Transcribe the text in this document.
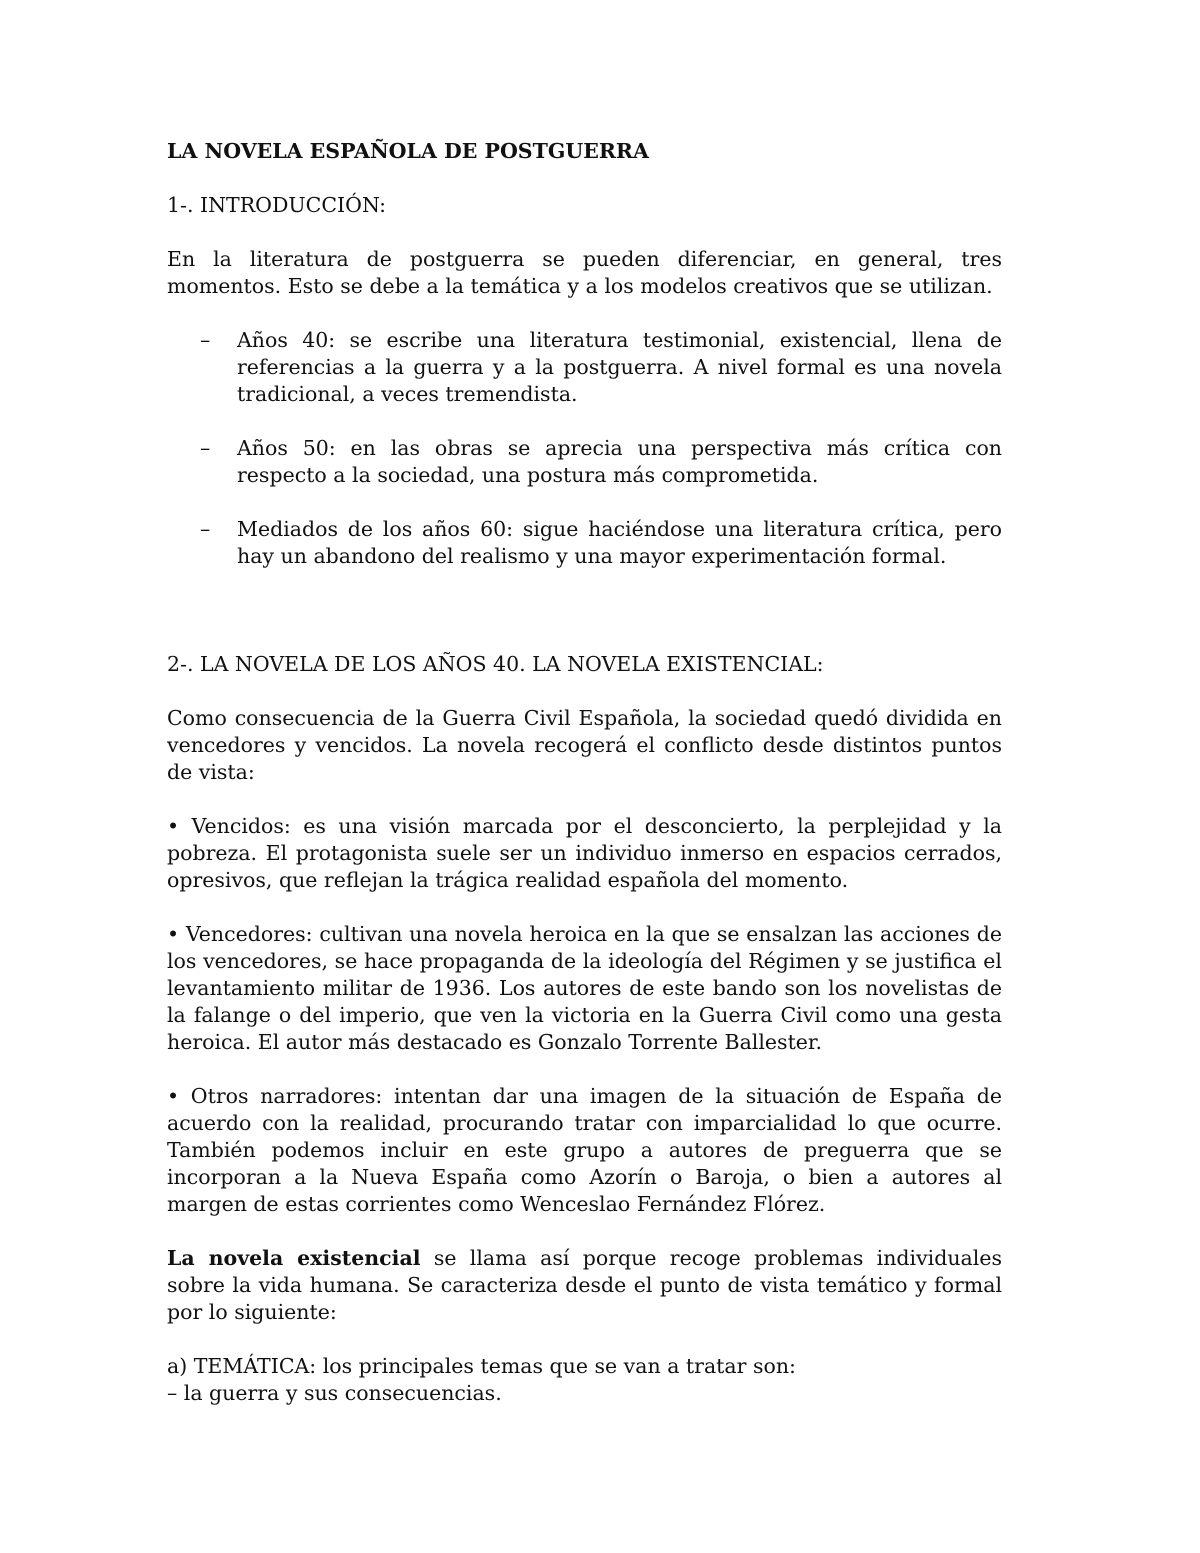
LA NOVELA ESPAÑOLA DE POSTGUERRA
1-. INTRODUCCIÓN:

En la literatura de postguerra se pueden diferenciar, en general, tres momentos. Esto se debe a la temática y a los modelos creativos que se utilizan.

– Años 40: se escribe una literatura testimonial, existencial, llena de referencias a la guerra y a la postguerra. A nivel formal es una novela tradicional, a veces tremendista.
– Años 50: en las obras se aprecia una perspectiva más crítica con respecto a la sociedad, una postura más comprometida.
– Mediados de los años 60: sigue haciéndose una literatura crítica, pero hay un abandono del realismo y una mayor experimentación formal.
2-. LA NOVELA DE LOS AÑOS 40. LA NOVELA EXISTENCIAL:

Como consecuencia de la Guerra Civil Española, la sociedad quedó dividida en vencedores y vencidos. La novela recogerá el conflicto desde distintos puntos de vista:

• Vencidos: es una visión marcada por el desconcierto, la perplejidad y la pobreza. El protagonista suele ser un individuo inmerso en espacios cerrados, opresivos, que reflejan la trágica realidad española del momento.

• Vencedores: cultivan una novela heroica en la que se ensalzan las acciones de los vencedores, se hace propaganda de la ideología del Régimen y se justifica el levantamiento militar de 1936. Los autores de este bando son los novelistas de la falange o del imperio, que ven la victoria en la Guerra Civil como una gesta heroica. El autor más destacado es Gonzalo Torrente Ballester.

• Otros narradores: intentan dar una imagen de la situación de España de acuerdo con la realidad, procurando tratar con imparcialidad lo que ocurre. También podemos incluir en este grupo a autores de preguerra que se incorporan a la Nueva España como Azorín o Baroja, o bien a autores al margen de estas corrientes como Wenceslao Fernández Flórez.

La novela existencial se llama así porque recoge problemas individuales sobre la vida humana. Se caracteriza desde el punto de vista temático y formal por lo siguiente:

a) TEMÁTICA: los principales temas que se van a tratar son:

– la guerra y sus consecuencias.
